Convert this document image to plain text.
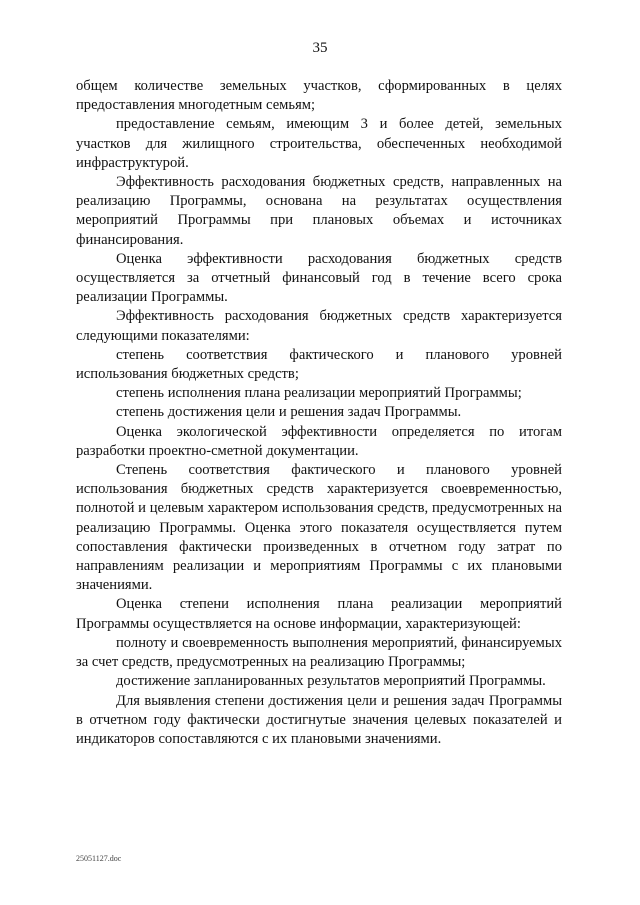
35

общем количестве земельных участков, сформированных в целях предоставления многодетным семьям;

предоставление семьям, имеющим 3 и более детей, земельных участков для жилищного строительства, обеспеченных необходимой инфраструктурой.

Эффективность расходования бюджетных средств, направленных на реализацию Программы, основана на результатах осуществления мероприятий Программы при плановых объемах и источниках финансирования.

Оценка эффективности расходования бюджетных средств осуществляется за отчетный финансовый год в течение всего срока реализации Программы.

Эффективность расходования бюджетных средств характеризуется следующими показателями:

степень соответствия фактического и планового уровней использования бюджетных средств;

степень исполнения плана реализации мероприятий Программы;

степень достижения цели и решения задач Программы.

Оценка экологической эффективности определяется по итогам разработки проектно-сметной документации.

Степень соответствия фактического и планового уровней использования бюджетных средств характеризуется своевременностью, полнотой и целевым характером использования средств, предусмотренных на реализацию Программы. Оценка этого показателя осуществляется путем сопоставления фактически произведенных в отчетном году затрат по направлениям реализации и мероприятиям Программы с их плановыми значениями.

Оценка степени исполнения плана реализации мероприятий Программы осуществляется на основе информации, характеризующей:

полноту и своевременность выполнения мероприятий, финансируемых за счет средств, предусмотренных на реализацию Программы;

достижение запланированных результатов мероприятий Программы.

Для выявления степени достижения цели и решения задач Программы в отчетном году фактически достигнутые значения целевых показателей и индикаторов сопоставляются с их плановыми значениями.

25051127.doc
